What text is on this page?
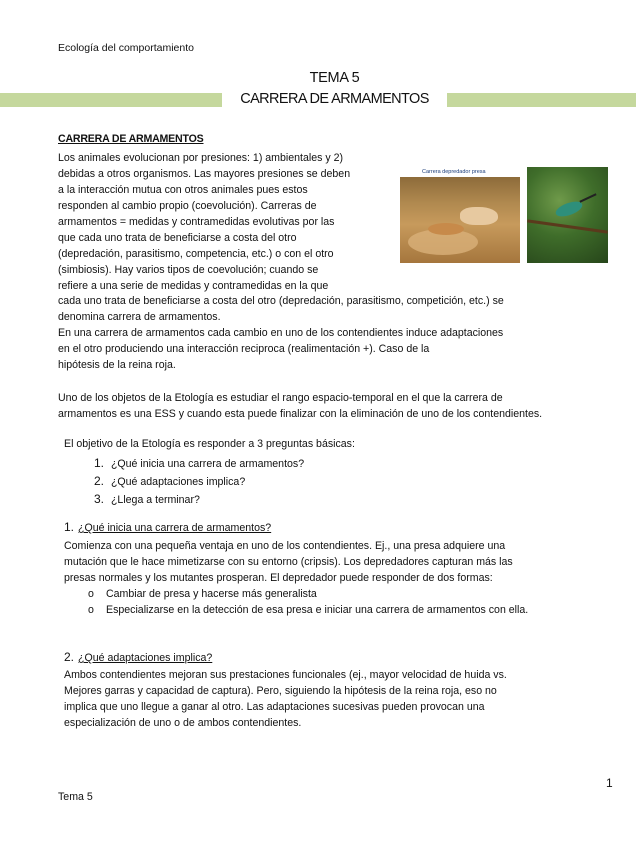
Ecología del comportamiento
TEMA 5
CARRERA DE ARMAMENTOS
CARRERA DE ARMAMENTOS
Los animales evolucionan por presiones: 1) ambientales y 2)
debidas a otros organismos. Las mayores presiones se deben
a la interacción mutua con otros animales pues estos
responden al cambio propio (coevolución). Carreras de
armamentos = medidas y contramedidas evolutivas por las
que cada uno trata de beneficiarse a costa del otro
(depredación, parasitismo, competencia, etc.) o con el otro
(simbiosis). Hay varios tipos de coevolución; cuando se
refiere a una serie de medidas y contramedidas en la que
Carrera depredador presa
cada uno trata de beneficiarse a costa del otro (depredación, parasitismo, competición, etc.) se
denomina carrera de armamentos.
En una carrera de armamentos cada cambio en uno de los contendientes induce adaptaciones
en el otro produciendo una interacción reciproca (realimentación +). Caso de la
hipótesis de la reina roja.
Uno de los objetos de la Etología es estudiar el rango espacio-temporal en el que la carrera de
armamentos es una ESS y cuando esta puede finalizar con la eliminación de uno de los contendientes.
El objetivo de la Etología es responder a 3 preguntas básicas:
1. ¿Qué inicia una carrera de armamentos?
2. ¿Qué adaptaciones implica?
3. ¿Llega a terminar?
1. ¿Qué inicia una carrera de armamentos?
Comienza con una pequeña ventaja en uno de los contendientes. Ej., una presa adquiere una
mutación que le hace mimetizarse con su entorno (cripsis). Los depredadores capturan más las
presas normales y los mutantes prosperan. El depredador puede responder de dos formas:
o	Cambiar de presa y hacerse más generalista
o	Especializarse en la detección de esa presa e iniciar una carrera de armamentos con ella.
2. ¿Qué adaptaciones implica?
Ambos contendientes mejoran sus prestaciones funcionales (ej., mayor velocidad de huida vs.
Mejores garras y capacidad de captura). Pero, siguiendo la hipótesis de la reina roja, eso no
implica que uno llegue a ganar al otro. Las adaptaciones sucesivas pueden provocan una
especialización de uno o de ambos contendientes.
1
Tema 5
